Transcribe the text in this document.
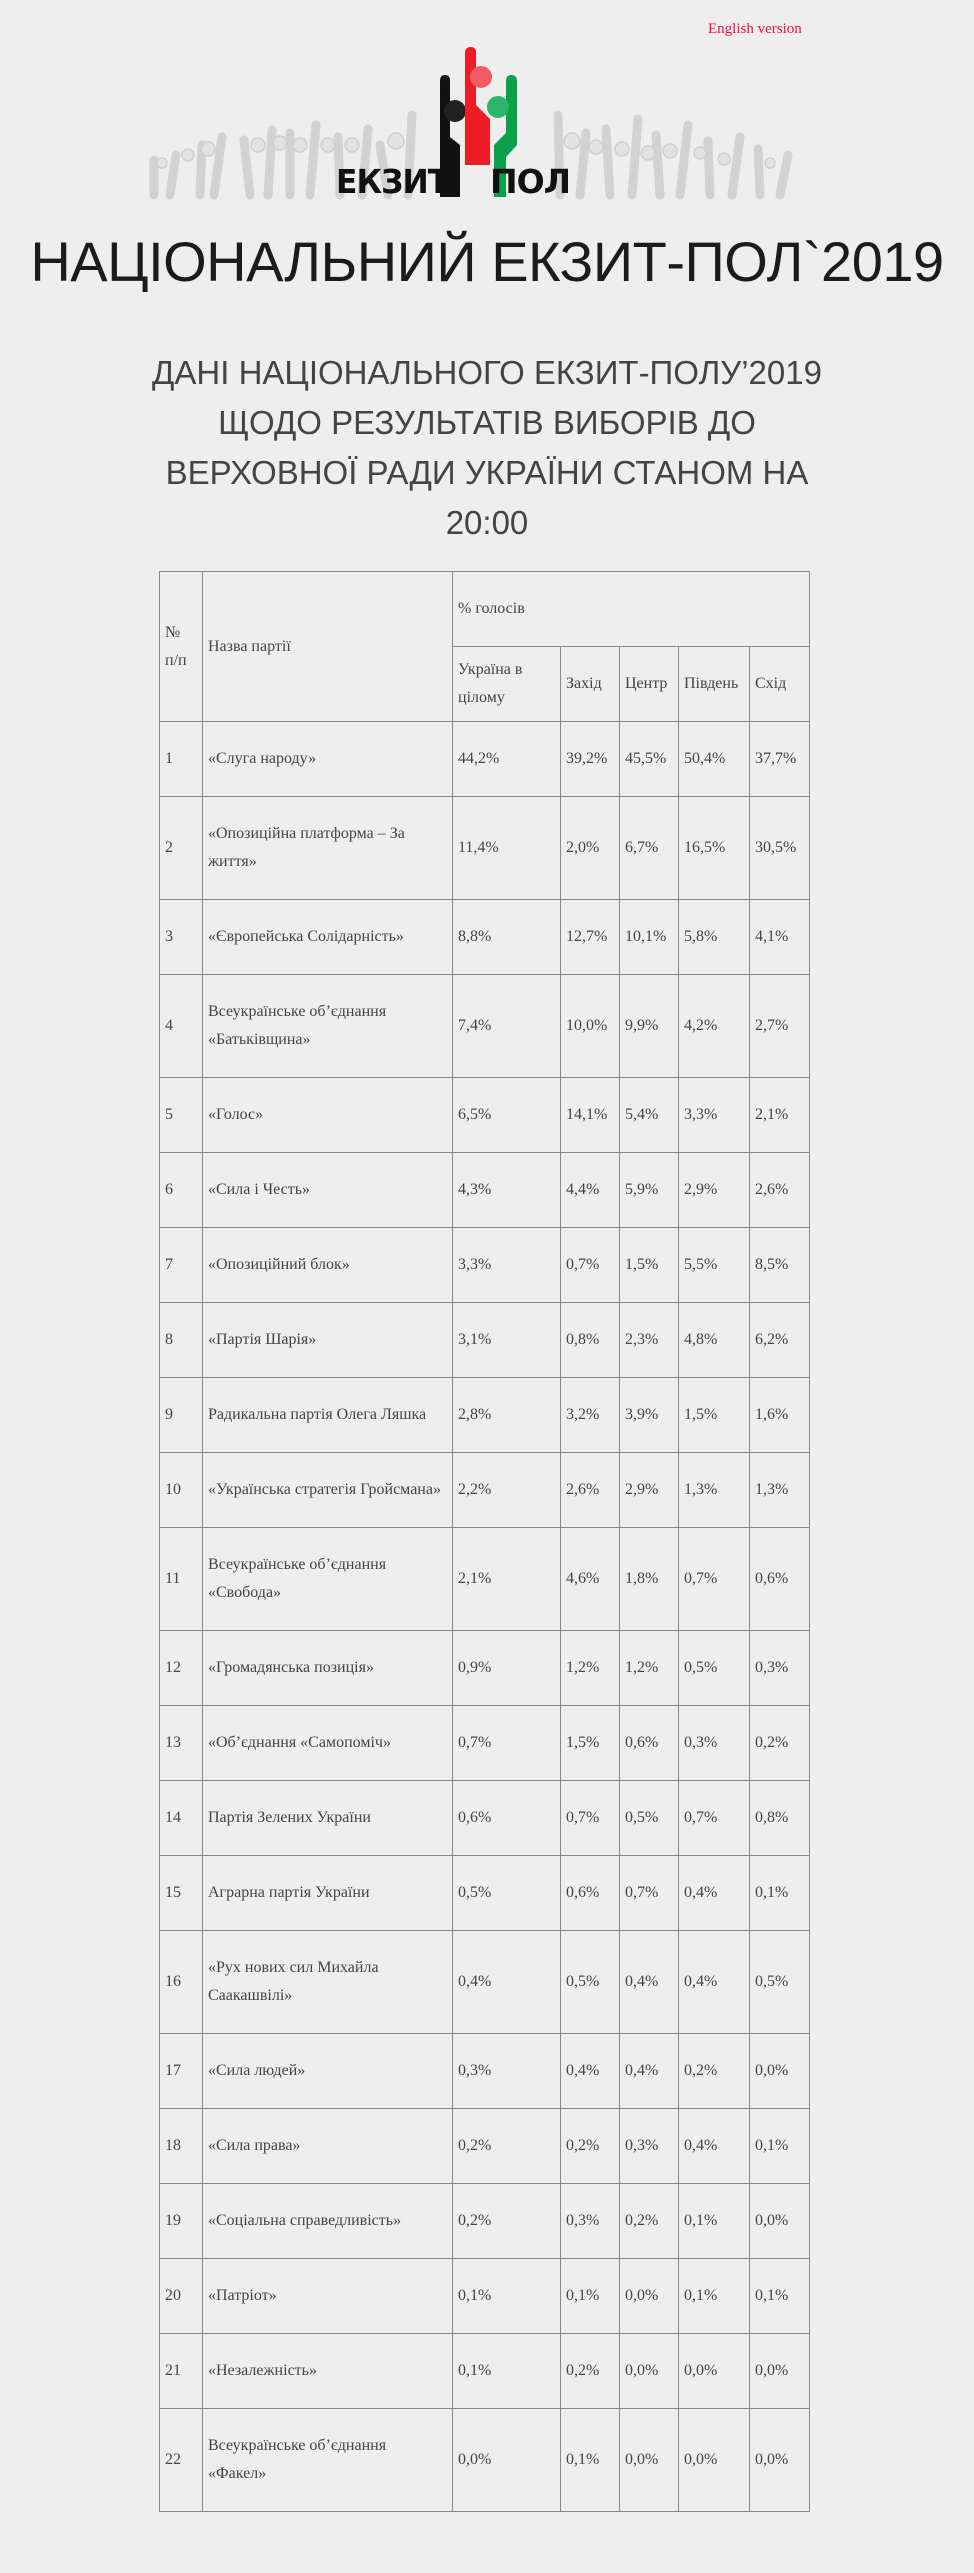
English version
ЕКЗИТ ПОЛ
НАЦІОНАЛЬНИЙ ЕКЗИТ-ПОЛ`2019
ДАНІ НАЦІОНАЛЬНОГО ЕКЗИТ-ПОЛУ’2019 ЩОДО РЕЗУЛЬТАТІВ ВИБОРІВ ДО ВЕРХОВНОЇ РАДИ УКРАЇНИ СТАНОМ НА 20:00
№ п/п	Назва партії	% голосів				
		Україна в цілому	Захід	Центр	Південь	Схід
1	«Слуга народу»	44,2%	39,2%	45,5%	50,4%	37,7%
2	«Опозиційна платформа – За життя»	11,4%	2,0%	6,7%	16,5%	30,5%
3	«Європейська Солідарність»	8,8%	12,7%	10,1%	5,8%	4,1%
4	Всеукраїнське об’єднання «Батьківщина»	7,4%	10,0%	9,9%	4,2%	2,7%
5	«Голос»	6,5%	14,1%	5,4%	3,3%	2,1%
6	«Сила і Честь»	4,3%	4,4%	5,9%	2,9%	2,6%
7	«Опозиційний блок»	3,3%	0,7%	1,5%	5,5%	8,5%
8	«Партія Шарія»	3,1%	0,8%	2,3%	4,8%	6,2%
9	Радикальна партія Олега Ляшка	2,8%	3,2%	3,9%	1,5%	1,6%
10	«Українська стратегія Гройсмана»	2,2%	2,6%	2,9%	1,3%	1,3%
11	Всеукраїнське об’єднання «Свобода»	2,1%	4,6%	1,8%	0,7%	0,6%
12	«Громадянська позиція»	0,9%	1,2%	1,2%	0,5%	0,3%
13	«Об’єднання «Самопоміч»	0,7%	1,5%	0,6%	0,3%	0,2%
14	Партія Зелених України	0,6%	0,7%	0,5%	0,7%	0,8%
15	Аграрна партія України	0,5%	0,6%	0,7%	0,4%	0,1%
16	«Рух нових сил Михайла Саакашвілі»	0,4%	0,5%	0,4%	0,4%	0,5%
17	«Сила людей»	0,3%	0,4%	0,4%	0,2%	0,0%
18	«Сила права»	0,2%	0,2%	0,3%	0,4%	0,1%
19	«Соціальна справедливість»	0,2%	0,3%	0,2%	0,1%	0,0%
20	«Патріот»	0,1%	0,1%	0,0%	0,1%	0,1%
21	«Незалежність»	0,1%	0,2%	0,0%	0,0%	0,0%
22	Всеукраїнське об’єднання «Факел»	0,0%	0,1%	0,0%	0,0%	0,0%
